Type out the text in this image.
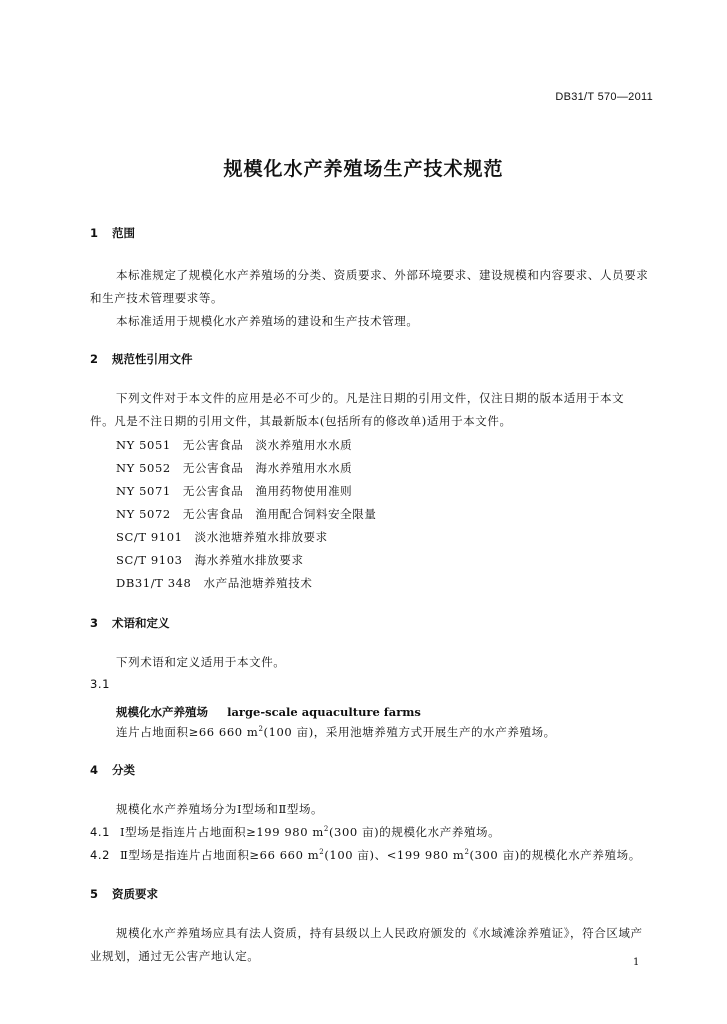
DB31/T 570—2011
规模化水产养殖场生产技术规范
1 范围
本标准规定了规模化水产养殖场的分类、资质要求、外部环境要求、建设规模和内容要求、人员要求
和生产技术管理要求等。
本标准适用于规模化水产养殖场的建设和生产技术管理。
2 规范性引用文件
下列文件对于本文件的应用是必不可少的。凡是注日期的引用文件，仅注日期的版本适用于本文
件。凡是不注日期的引用文件，其最新版本(包括所有的修改单)适用于本文件。
NY 5051　无公害食品　淡水养殖用水水质
NY 5052　无公害食品　海水养殖用水水质
NY 5071　无公害食品　渔用药物使用准则
NY 5072　无公害食品　渔用配合饲料安全限量
SC/T 9101　淡水池塘养殖水排放要求
SC/T 9103　海水养殖水排放要求
DB31/T 348　水产品池塘养殖技术
3 术语和定义
下列术语和定义适用于本文件。
3.1
规模化水产养殖场 large-scale aquaculture farms
连片占地面积≥66 660 $m^2(100$ 亩)，采用池塘养殖方式开展生产的水产养殖场。
4 分类
规模化水产养殖场分为Ⅰ型场和Ⅱ型场。
4.1 Ⅰ型场是指连片占地面积≥199 980 $m^2(300$ 亩)的规模化水产养殖场。
4.2 Ⅱ型场是指连片占地面积≥66 660 $m^2(100$ 亩)、<199 980 $m^2(300$ 亩)的规模化水产养殖场。
5 资质要求
规模化水产养殖场应具有法人资质，持有县级以上人民政府颁发的《水域滩涂养殖证》，符合区域产
业规划，通过无公害产地认定。	1
